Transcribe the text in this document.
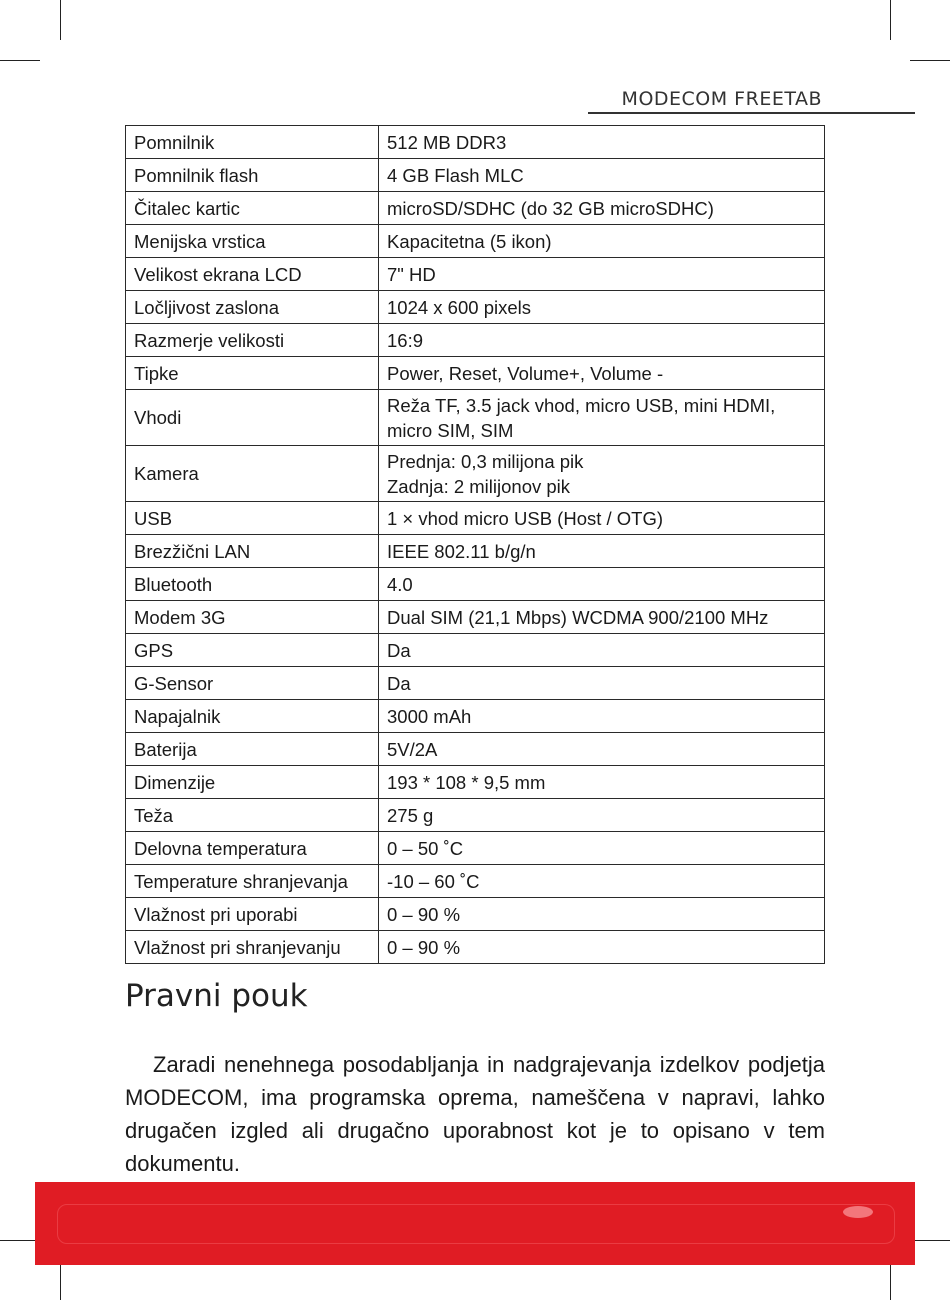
MODECOM FREETAB
Pomnilnik	512 MB DDR3

Pomnilnik flash	4 GB Flash MLC

Čitalec kartic	microSD/SDHC (do 32 GB microSDHC)

Menijska vrstica	Kapacitetna (5 ikon)

Velikost ekrana LCD	7" HD

Ločljivost zaslona	1024 x 600 pixels

Razmerje velikosti	16:9

Tipke	Power, Reset, Volume+, Volume -

Vhodi	Reža TF, 3.5 jack vhod, micro USB, mini HDMI,
micro SIM, SIM

Kamera	Prednja: 0,3 milijona pik
Zadnja: 2 milijonov pik

USB	1 × vhod micro USB (Host / OTG)

Brezžični LAN	IEEE 802.11 b/g/n

Bluetooth	4.0

Modem 3G	Dual SIM (21,1 Mbps) WCDMA 900/2100 MHz

GPS	Da

G-Sensor	Da

Napajalnik	3000 mAh

Baterija	5V/2A

Dimenzije	193 * 108 * 9,5 mm

Teža	275 g

Delovna temperatura	0 – 50 ˚C

Temperature shranjevanja	-10 – 60 ˚C

Vlažnost pri uporabi	0 – 90 %

Vlažnost pri shranjevanju	0 – 90 %
Pravni pouk

Zaradi nenehnega posodabljanja in nadgrajevanja izdelkov podjetja MODECOM, ima programska oprema, nameščena v napravi, lahko drugačen izgled ali drugačno uporabnost kot je to opisano v tem dokumentu.
